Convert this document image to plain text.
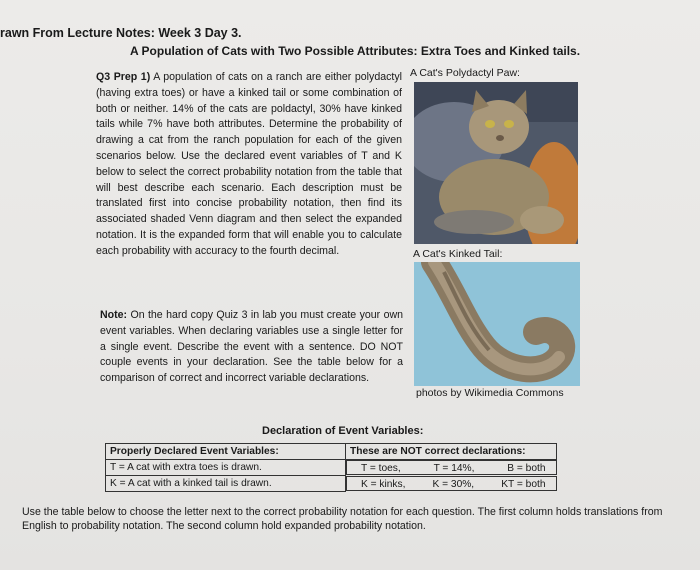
rawn From Lecture Notes: Week 3 Day 3.
A Population of Cats with Two Possible Attributes: Extra Toes and Kinked tails.
Q3 Prep 1) A population of cats on a ranch are either polydactyl (having extra toes) or have a kinked tail or some combination of both or neither. 14% of the cats are poldactyl, 30% have kinked tails while 7% have both attributes. Determine the probability of drawing a cat from the ranch population for each of the given scenarios below. Use the declared event variables of T and K below to select the correct probability notation from the table that will best describe each scenario. Each description must be translated first into concise probability notation, then find its associated shaded Venn diagram and then select the expanded notation. It is the expanded form that will enable you to calculate each probability with accuracy to the fourth decimal.
Note: On the hard copy Quiz 3 in lab you must create your own event variables. When declaring variables use a single letter for a single event. Describe the event with a sentence. DO NOT couple events in your declaration. See the table below for a comparison of correct and incorrect variable declarations.
A Cat's Polydactyl Paw:
A Cat's Kinked Tail:
photos by Wikimedia Commons
Declaration of Event Variables:
Properly Declared Event Variables:	These are NOT correct declarations:
T = A cat with extra toes is drawn.		T = toes,	T = 14%,	B = both

K = A cat with a kinked tail is drawn.		K = kinks,	K = 30%,	KT = both
Use the table below to choose the letter next to the correct probability notation for each question. The first column holds translations from English to probability notation. The second column hold expanded probability notation.
